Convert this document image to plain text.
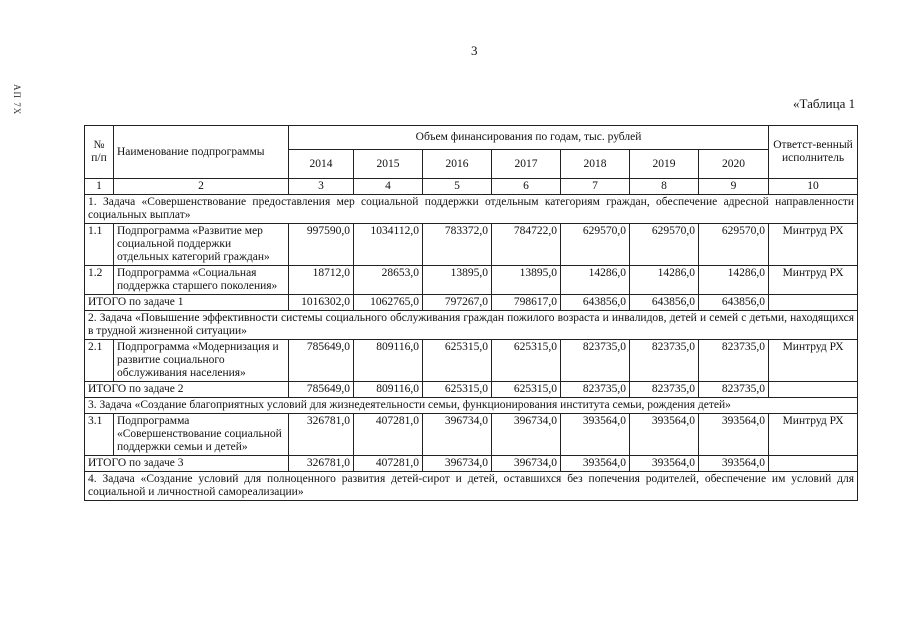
3
АП 7Х	«Таблица 1
№ п/п	Наименование подпрограммы	Объем финансирования по годам, тыс. рублей							Ответст-венный исполнитель
		2014	2015	2016	2017	2018	2019	2020	
1	2	3	4	5	6	7	8	9	10
1. Задача «Совершенствование предоставления мер социальной поддержки отдельным категориям граждан, обеспечение адресной направленности социальных выплат»									
1.1	Подпрограмма «Развитие мер социальной поддержки отдельных категорий граждан»	997590,0	1034112,0	783372,0	784722,0	629570,0	629570,0	629570,0	Минтруд РХ
1.2	Подпрограмма «Социальная поддержка старшего поколения»	18712,0	28653,0	13895,0	13895,0	14286,0	14286,0	14286,0	Минтруд РХ
ИТОГО по задаче 1		1016302,0	1062765,0	797267,0	798617,0	643856,0	643856,0	643856,0	
2. Задача «Повышение эффективности системы социального обслуживания граждан пожилого возраста и инвалидов, детей и семей с детьми, находящихся в трудной жизненной ситуации»									
2.1	Подпрограмма «Модернизация и развитие социального обслуживания населения»	785649,0	809116,0	625315,0	625315,0	823735,0	823735,0	823735,0	Минтруд РХ
ИТОГО по задаче 2		785649,0	809116,0	625315,0	625315,0	823735,0	823735,0	823735,0	
3. Задача «Создание благоприятных условий для жизнедеятельности семьи, функционирования института семьи, рождения детей»									
3.1	Подпрограмма «Совершенствование социальной поддержки семьи и детей»	326781,0	407281,0	396734,0	396734,0	393564,0	393564,0	393564,0	Минтруд РХ
ИТОГО по задаче 3		326781,0	407281,0	396734,0	396734,0	393564,0	393564,0	393564,0	
4. Задача «Создание условий для полноценного развития детей-сирот и детей, оставшихся без попечения родителей, обеспечение им условий для социальной и личностной самореализации»									
